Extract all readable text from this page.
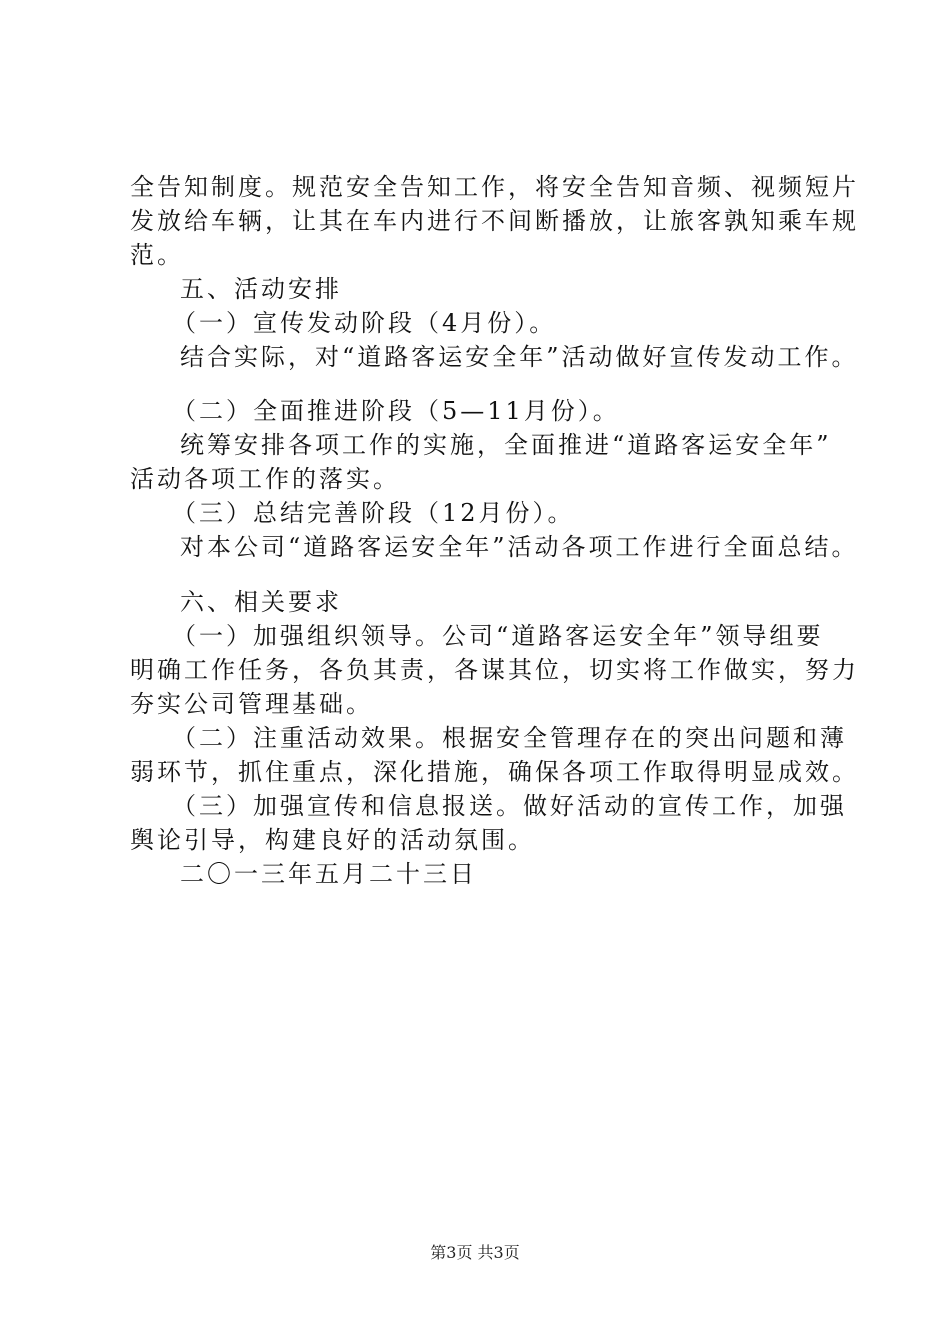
全告知制度。规范安全告知工作，将安全告知音频、视频短片
发放给车辆，让其在车内进行不间断播放，让旅客孰知乘车规
范。
五、活动安排
（一）宣传发动阶段（4月份）。
结合实际，对“道路客运安全年”活动做好宣传发动工作。
（二）全面推进阶段（5—11月份）。
统筹安排各项工作的实施，全面推进“道路客运安全年”
活动各项工作的落实。
（三）总结完善阶段（12月份）。
对本公司“道路客运安全年”活动各项工作进行全面总结。
六、相关要求
（一）加强组织领导。公司“道路客运安全年”领导组要
明确工作任务，各负其责，各谋其位，切实将工作做实，努力
夯实公司管理基础。
（二）注重活动效果。根据安全管理存在的突出问题和薄
弱环节，抓住重点，深化措施，确保各项工作取得明显成效。
（三）加强宣传和信息报送。做好活动的宣传工作，加强
舆论引导，构建良好的活动氛围。
二〇一三年五月二十三日
第3页 共3页
